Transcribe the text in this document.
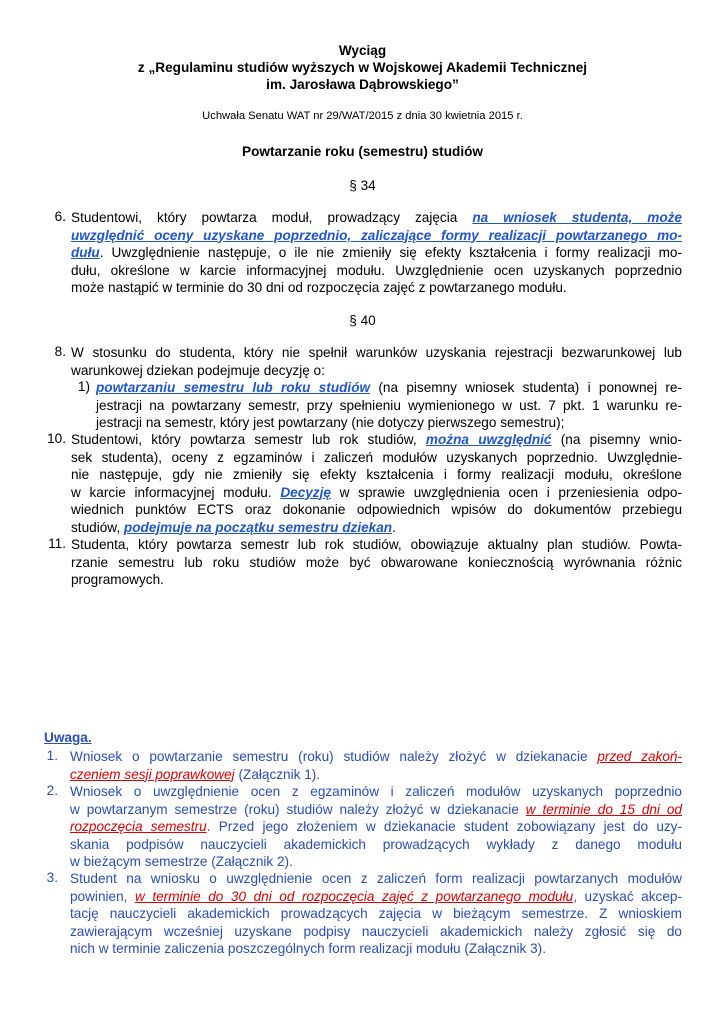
Wyciąg
z „Regulaminu studiów wyższych w Wojskowej Akademii Technicznej
im. Jarosława Dąbrowskiego”
Uchwała Senatu WAT nr 29/WAT/2015 z dnia 30 kwietnia 2015 r.
Powtarzanie roku (semestru) studiów
§ 34
6. Studentowi, który powtarza moduł, prowadzący zajęcia na wniosek studenta, może
uwzględnić oceny uzyskane poprzednio, zaliczające formy realizacji powtarzanego mo-
dułu. Uwzględnienie następuje, o ile nie zmieniły się efekty kształcenia i formy realizacji mo-
dułu, określone w karcie informacyjnej modułu. Uwzględnienie ocen uzyskanych poprzednio
może nastąpić w terminie do 30 dni od rozpoczęcia zajęć z powtarzanego modułu.
§ 40
8. W stosunku do studenta, który nie spełnił warunków uzyskania rejestracji bezwarunkowej lub
warunkowej dziekan podejmuje decyzję o:
1) powtarzaniu semestru lub roku studiów (na pisemny wniosek studenta) i ponownej re-
jestracji na powtarzany semestr, przy spełnieniu wymienionego w ust. 7 pkt. 1 warunku re-
jestracji na semestr, który jest powtarzany (nie dotyczy pierwszego semestru);
10. Studentowi, który powtarza semestr lub rok studiów, można uwzględnić (na pisemny wnio-
sek studenta), oceny z egzaminów i zaliczeń modułów uzyskanych poprzednio. Uwzględnie-
nie następuje, gdy nie zmieniły się efekty kształcenia i formy realizacji modułu, określone
w karcie informacyjnej modułu. Decyzję w sprawie uwzględnienia ocen i przeniesienia odpo-
wiednich punktów ECTS oraz dokonanie odpowiednich wpisów do dokumentów przebiegu
studiów, podejmuje na początku semestru dziekan.
11. Studenta, który powtarza semestr lub rok studiów, obowiązuje aktualny plan studiów. Powta-
rzanie semestru lub roku studiów może być obwarowane koniecznością wyrównania różnic
programowych.
Uwaga.
1. Wniosek o powtarzanie semestru (roku) studiów należy złożyć w dziekanacie przed zakoń-
czeniem sesji poprawkowej (Załącznik 1).
2. Wniosek o uwzględnienie ocen z egzaminów i zaliczeń modułów uzyskanych poprzednio
w powtarzanym semestrze (roku) studiów należy złożyć w dziekanacie w terminie do 15 dni od
rozpoczęcia semestru. Przed jego złożeniem w dziekanacie student zobowiązany jest do uzy-
skania podpisów nauczycieli akademickich prowadzących wykłady z danego modułu
w bieżącym semestrze (Załącznik 2).
3. Student na wniosku o uwzględnienie ocen z zaliczeń form realizacji powtarzanych modułów
powinien, w terminie do 30 dni od rozpoczęcia zajęć z powtarzanego modułu, uzyskać akcep-
tację nauczycieli akademickich prowadzących zajęcia w bieżącym semestrze. Z wnioskiem
zawierającym wcześniej uzyskane podpisy nauczycieli akademickich należy zgłosić się do
nich w terminie zaliczenia poszczególnych form realizacji modułu (Załącznik 3).
